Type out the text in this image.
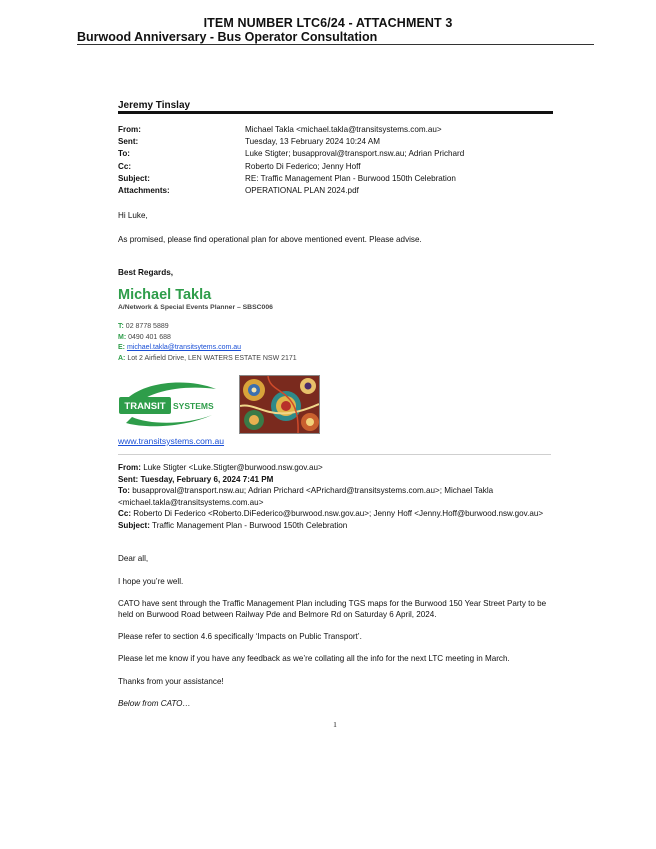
ITEM NUMBER LTC6/24 - ATTACHMENT 3
Burwood Anniversary - Bus Operator Consultation
Jeremy Tinslay
From:	Michael Takla <michael.takla@transitsystems.com.au>
Sent:	Tuesday, 13 February 2024 10:24 AM
To:	Luke Stigter; busapproval@transport.nsw.au; Adrian Prichard
Cc:	Roberto Di Federico; Jenny Hoff
Subject:	RE: Traffic Management Plan - Burwood 150th Celebration
Attachments:	OPERATIONAL PLAN 2024.pdf
Hi Luke,
As promised, please find operational plan for above mentioned event. Please advise.
Best Regards,
Michael Takla
A/Network & Special Events Planner – SBSC006
T: 02 8778 5889
M: 0490 401 688
E: michael.takla@transitsytems.com.au
A: Lot 2 Airfield Drive, LEN WATERS ESTATE NSW 2171
TRANSIT SYSTEMS
www.transitsystems.com.au
From: Luke Stigter <Luke.Stigter@burwood.nsw.gov.au>
Sent: Tuesday, February 6, 2024 7:41 PM
To: busapproval@transport.nsw.au; Adrian Prichard <APrichard@transitsystems.com.au>; Michael Takla <michael.takla@transitsystems.com.au>
Cc: Roberto Di Federico <Roberto.DiFederico@burwood.nsw.gov.au>; Jenny Hoff <Jenny.Hoff@burwood.nsw.gov.au>
Subject: Traffic Management Plan - Burwood 150th Celebration
Dear all,
I hope you’re well.
CATO have sent through the Traffic Management Plan including TGS maps for the Burwood 150 Year Street Party to be held on Burwood Road between Railway Pde and Belmore Rd on Saturday 6 April, 2024.
Please refer to section 4.6 specifically ‘Impacts on Public Transport’.
Please let me know if you have any feedback as we’re collating all the info for the next LTC meeting in March.
Thanks from your assistance!
Below from CATO…
1
